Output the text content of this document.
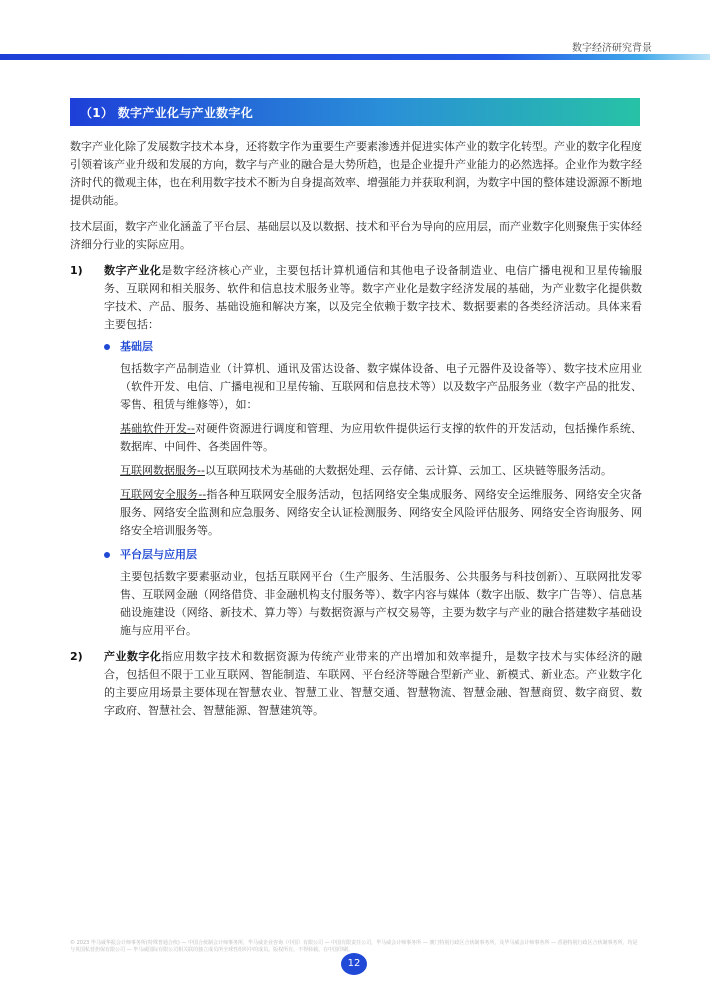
数字经济研究背景
（1） 数字产业化与产业数字化

数字产业化除了发展数字技术本身，还将数字作为重要生产要素渗透并促进实体产业的数字化转型。产业的数字化程度引领着该产业升级和发展的方向，数字与产业的融合是大势所趋，也是企业提升产业能力的必然选择。企业作为数字经济时代的微观主体，也在利用数字技术不断为自身提高效率、增强能力并获取利润，为数字中国的整体建设源源不断地提供动能。

技术层面，数字产业化涵盖了平台层、基础层以及以数据、技术和平台为导向的应用层，而产业数字化则聚焦于实体经济细分行业的实际应用。

1) 数字产业化是数字经济核心产业，主要包括计算机通信和其他电子设备制造业、电信广播电视和卫星传输服务、互联网和相关服务、软件和信息技术服务业等。数字产业化是数字经济发展的基础，为产业数字化提供数字技术、产品、服务、基础设施和解决方案，以及完全依赖于数字技术、数据要素的各类经济活动。具体来看主要包括：
基础层

包括数字产品制造业（计算机、通讯及雷达设备、数字媒体设备、电子元器件及设备等）、数字技术应用业（软件开发、电信、广播电视和卫星传输、互联网和信息技术等）以及数字产品服务业（数字产品的批发、零售、租赁与维修等），如：

基础软件开发--对硬件资源进行调度和管理、为应用软件提供运行支撑的软件的开发活动，包括操作系统、数据库、中间件、各类固件等。

互联网数据服务--以互联网技术为基础的大数据处理、云存储、云计算、云加工、区块链等服务活动。

互联网安全服务--指各种互联网安全服务活动，包括网络安全集成服务、网络安全运维服务、网络安全灾备服务、网络安全监测和应急服务、网络安全认证检测服务、网络安全风险评估服务、网络安全咨询服务、网络安全培训服务等。

平台层与应用层

主要包括数字要素驱动业，包括互联网平台（生产服务、生活服务、公共服务与科技创新）、互联网批发零售、互联网金融（网络借贷、非金融机构支付服务等）、数字内容与媒体（数字出版、数字广告等）、信息基础设施建设（网络、新技术、算力等）与数据资源与产权交易等，主要为数字与产业的融合搭建数字基础设施与应用平台。

2) 产业数字化指应用数字技术和数据资源为传统产业带来的产出增加和效率提升，是数字技术与实体经济的融合，包括但不限于工业互联网、智能制造、车联网、平台经济等融合型新产业、新模式、新业态。产业数字化的主要应用场景主要体现在智慧农业、智慧工业、智慧交通、智慧物流、智慧金融、智慧商贸、数字商贸、数字政府、智慧社会、智慧能源、智慧建筑等。
© 2023 毕马威华振会计师事务所(特殊普通合伙) — 中国合伙制会计师事务所，毕马威企业咨询（中国）有限公司 — 中国有限责任公司，毕马威会计师事务所 — 澳门特别行政区合伙制事务所，及毕马威会计师事务所 — 香港特别行政区合伙制事务所，均是与英国私营担保有限公司 — 毕马威国际有限公司相关联的独立成员所全球性组织中的成员。版权所有，不得转载。在中国印刷。
12
